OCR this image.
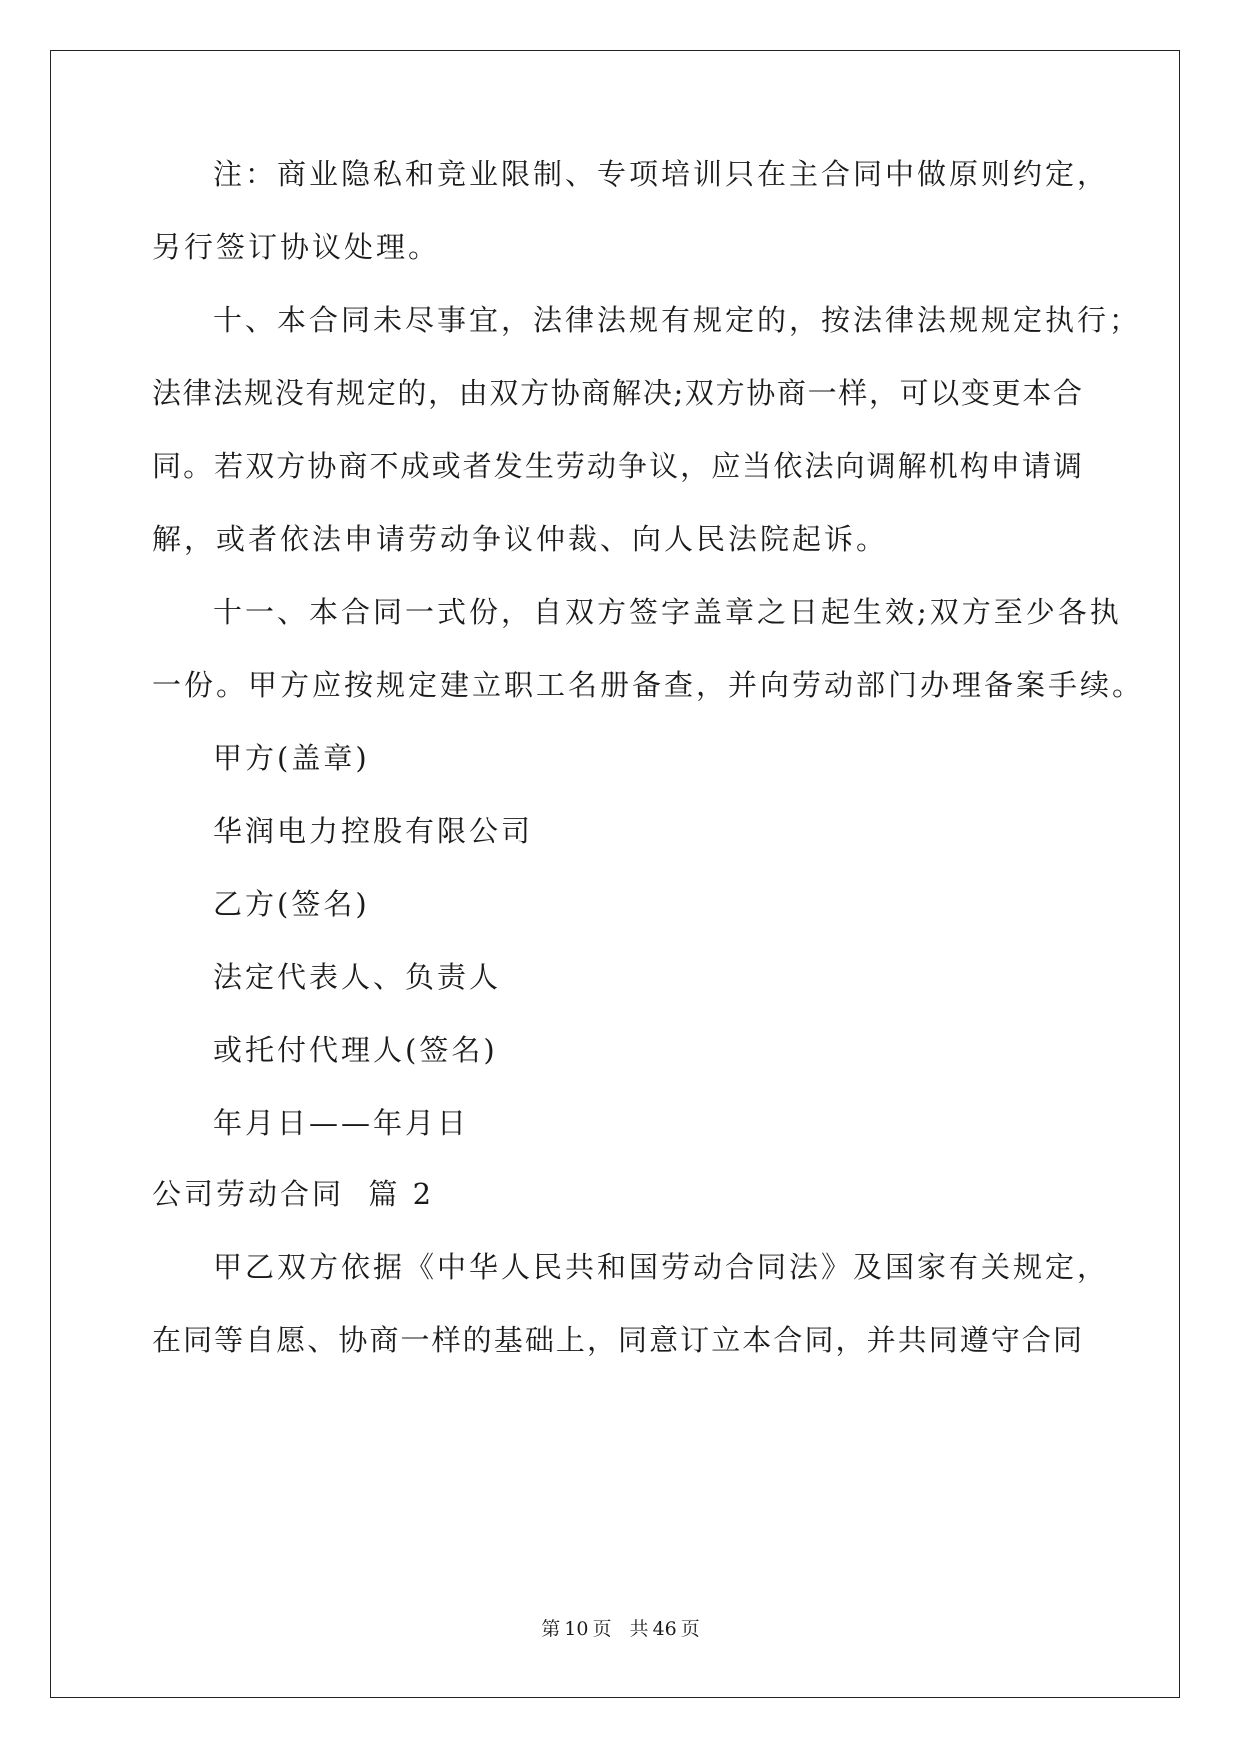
注：商业隐私和竞业限制、专项培训只在主合同中做原则约定，
另行签订协议处理。
十、本合同未尽事宜，法律法规有规定的，按法律法规规定执行；
法律法规没有规定的，由双方协商解决;双方协商一样，可以变更本合
同。若双方协商不成或者发生劳动争议，应当依法向调解机构申请调
解，或者依法申请劳动争议仲裁、向人民法院起诉。
十一、本合同一式份，自双方签字盖章之日起生效;双方至少各执
一份。甲方应按规定建立职工名册备查，并向劳动部门办理备案手续。
甲方(盖章)
华润电力控股有限公司
乙方(签名)
法定代表人、负责人
或托付代理人(签名)
年月日——年月日
公司劳动合同  篇 2
甲乙双方依据《中华人民共和国劳动合同法》及国家有关规定，
在同等自愿、协商一样的基础上，同意订立本合同，并共同遵守合同
第 10 页   共 46 页
